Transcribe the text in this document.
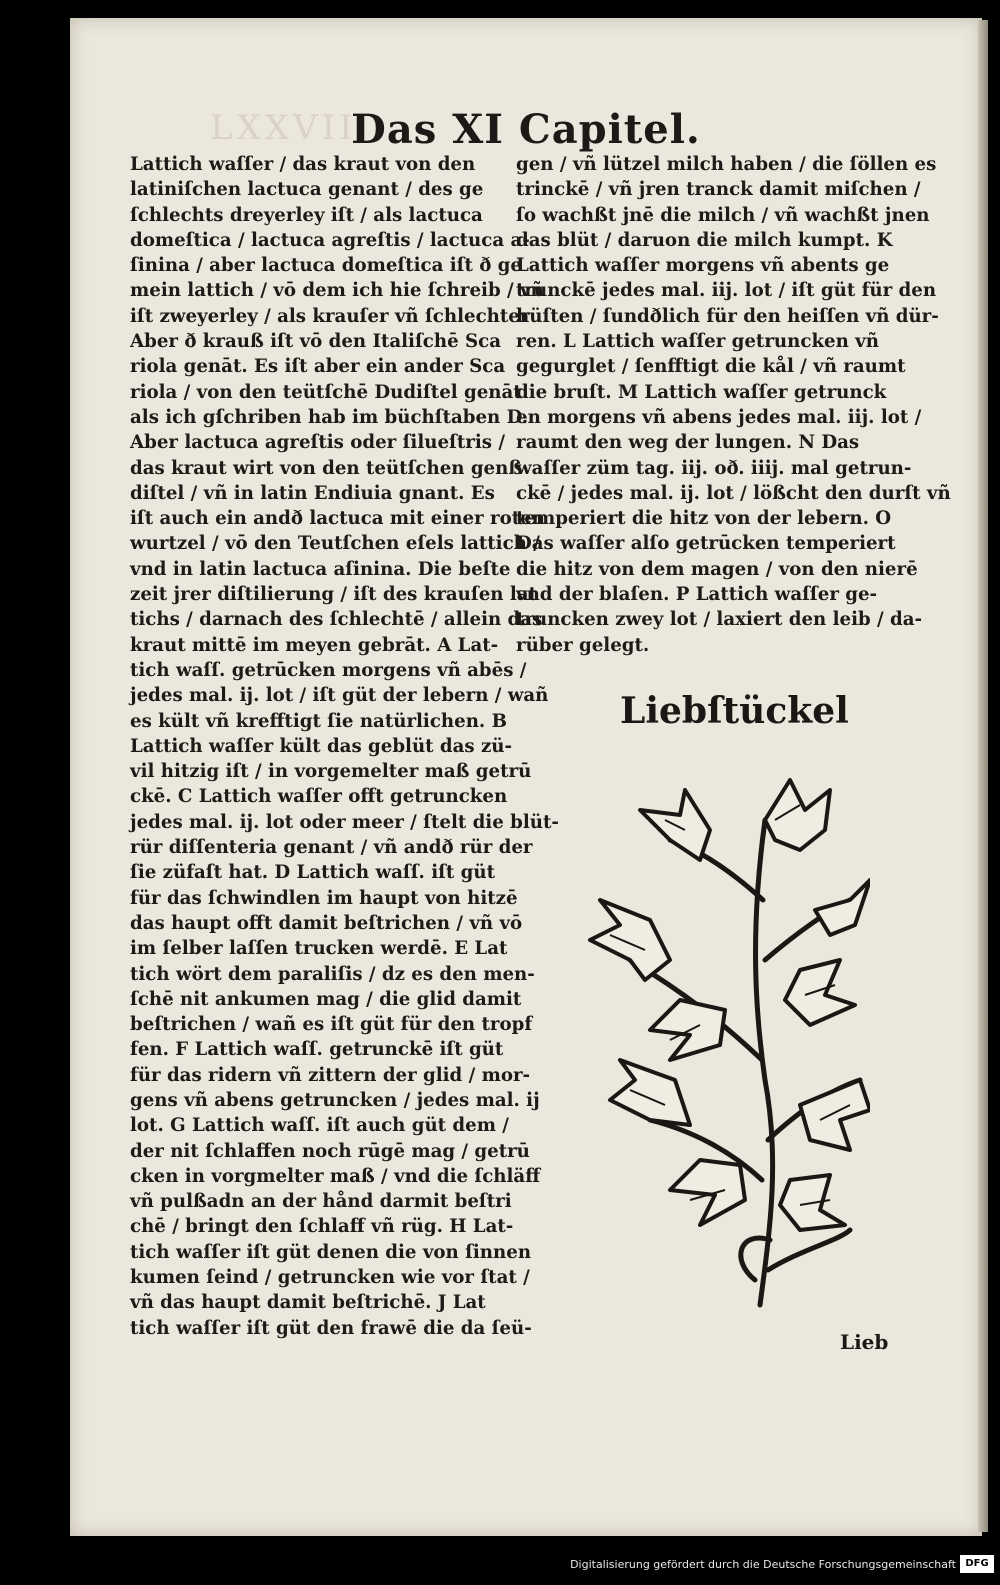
LXXVII
Das XI Capitel.
Lattich waſſer / das kraut von den
latiniſchen lactuca genant / des ge
ſchlechts dreyerley iſt / als lactuca
domeſtica / lactuca agreſtis / lactuca a-
ſinina / aber lactuca domeſtica iſt ð ge
mein lattich / vō dem ich hie ſchreib / vñ
iſt zweyerley / als krauſer vñ ſchlechter
Aber ð krauß iſt vō den Italiſchē Sca
riola genāt. Es iſt aber ein ander Sca
riola / von den teütſchē Dudiſtel genāt
als ich gſchriben hab im büchſtaben D.
Aber lactuca agreſtis oder ſilueſtris /
das kraut wirt von den teütſchen genß
diſtel / vñ in latin Endiuia gnant. Es
iſt auch ein andð lactuca mit einer roten
wurtzel / vō den Teutſchen eſels lattich /
vnd in latin lactuca aſinina. Die beſte
zeit jrer diſtilierung / iſt des krauſen lat
tichs / darnach des ſchlechtē / allein das
kraut mittē im meyen gebrāt. A Lat-
tich waſſ. getrūcken morgens vñ abēs /
jedes mal. ij. lot / iſt güt der lebern / wañ
es kült vñ krefftigt ſie natürlichen. B
Lattich waſſer kült das geblüt das zü-
vil hitzig iſt / in vorgemelter maß getrū
ckē. C Lattich waſſer offt getruncken
jedes mal. ij. lot oder meer / ſtelt die blüt-
rür diſſenteria genant / vñ andð rür der
ſie züfaſt hat. D Lattich waſſ. iſt güt
für das ſchwindlen im haupt von hitzē
das haupt offt damit beſtrichen / vñ vō
im ſelber laſſen trucken werdē. E Lat
tich wört dem paraliſis / dz es den men-
ſchē nit ankumen mag / die glid damit
beſtrichen / wañ es iſt güt für den tropf
fen. F Lattich waſſ. getrunckē iſt güt
für das ridern vñ zittern der glid / mor-
gens vñ abens getruncken / jedes mal. ij
lot. G Lattich waſſ. iſt auch güt dem /
der nit ſchlaffen noch rūgē mag / getrū
cken in vorgmelter maß / vnd die ſchläff
vñ pulßadn an der hånd darmit beſtri
chē / bringt den ſchlaff vñ rüg. H Lat-
tich waſſer iſt güt denen die von ſinnen
kumen ſeind / getruncken wie vor ſtat /
vñ das haupt damit beſtrichē. J Lat
tich waſſer iſt güt den frawē die da ſeü-
gen / vñ lützel milch haben / die ſöllen es
trinckē / vñ jren tranck damit miſchen /
ſo wachßt jnē die milch / vñ wachßt jnen
das blüt / daruon die milch kumpt. K
Lattich waſſer morgens vñ abents ge
trunckē jedes mal. iij. lot / iſt güt für den
hüſten / ſundðlich für den heiſſen vñ dür-
ren. L Lattich waſſer getruncken vñ
gegurglet / ſenfftigt die kål / vñ raumt
die bruſt. M Lattich waſſer getrunck
en morgens vñ abens jedes mal. iij. lot /
raumt den weg der lungen. N Das
waſſer züm tag. iij. oð. iiij. mal getrun-
ckē / jedes mal. ij. lot / lößcht den durſt vñ
temperiert die hitz von der lebern. O
Das waſſer alſo getrūcken temperiert
die hitz von dem magen / von den nierē
vnd der blaſen. P Lattich waſſer ge-
truncken zwey lot / laxiert den leib / da-
rüber gelegt.
Liebſtückel
Lieb
Digitalisierung gefördert durch die Deutsche Forschungsgemeinschaft DFG
